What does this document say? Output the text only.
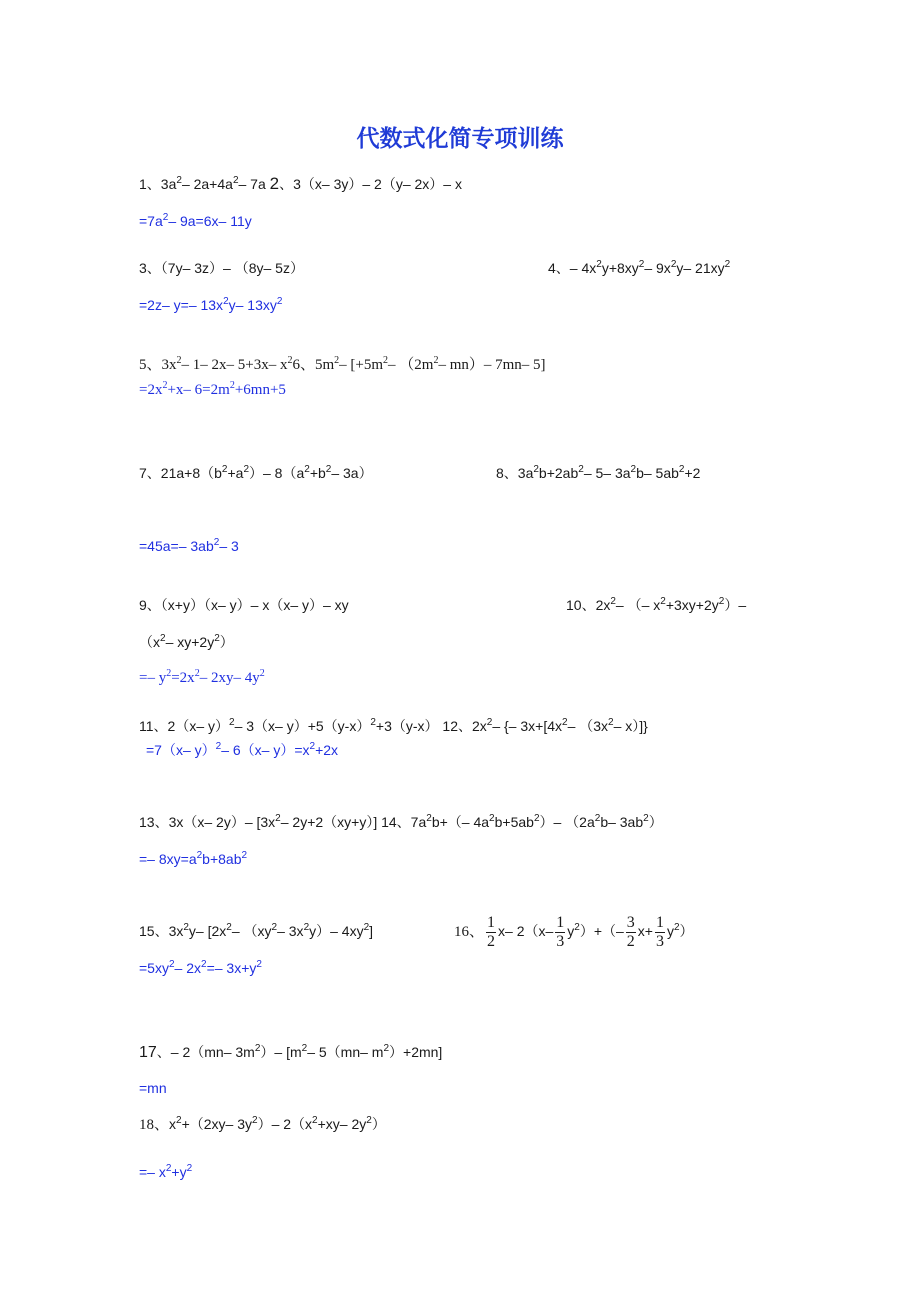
代数式化简专项训练
1、$3a^2-$ $2a+4a^2-$ 7a 2、3（x– 3y）– 2（y– 2x）– x
$=7a^2-$ 9a=6x– 11y
3、（7y– 3z）– （8y– 5z）	4、– $4x^2y+8xy^2-$ $9x^2y-$ $21xy^2$
=2z– y=– $13x^2y-$ $13xy^2$
5、$3x^2-$ 1– 2x– 5+3x– $x^26$、$5m^2-$ [$+5m^2-$ （$2m^2-$ mn）– 7mn– 5]
$=2x^2+x-$ $6=2m^2+6mn+5$
7、$21a+8(b^2+a^2)-$ $8(a^2+b^2-$ 3a）	8、$3a^2b+2ab^2-$ 5– $3a^2b-$ $5ab^2+2$
=45a=– $3ab^2-$ 3
9、（x+y）（x– y）– x（x– y）– xy	10、$2x^2-$ （– $x^2+3xy+2y^2)-$
（$x^2-$ $xy+2y^2$）
=– $y^2=2x^2-$ 2xy– $4y^2$
11、2（x– y）$^2$– 3（x– $y)+5(y-x)^2+3(y-x)$ 12、$2x^2-$ {– $3x+[4x^2-$ （$3x^2-$ x）]}
=7（x– y）$^2$– 6（x– $y)=x^2+2x$
13、3x（x– 2y）– [$3x^2-$ 2y+2（xy+y）] 14、$7a^2b+(-$ $4a^2b+5ab^2)-$ （$2a^2b-$ $3ab^2$）
=– $8xy=a^2b+8ab^2$
15、$3x^2y-$ [$2x^2-$ （$xy^2-$ $3x^2y)-$ $4xy^2$]	16、 $\frac{1}{2} x-$ $2(x- \frac{1}{3} y^2)+(- \frac{3}{2} x+ \frac{1}{3} y^2)$
$=5xy^2-$ $2x^2=-$ $3x+y^2$
17、– 2（mn– $3m^2)-$ [$m^2-$ 5（mn– $m^2)+2mn$]
=mn
18、$x^2+(2xy-$ $3y^2)-$ $2(x^2+xy-$ $2y^2$）
=– $x^2+y^2$
